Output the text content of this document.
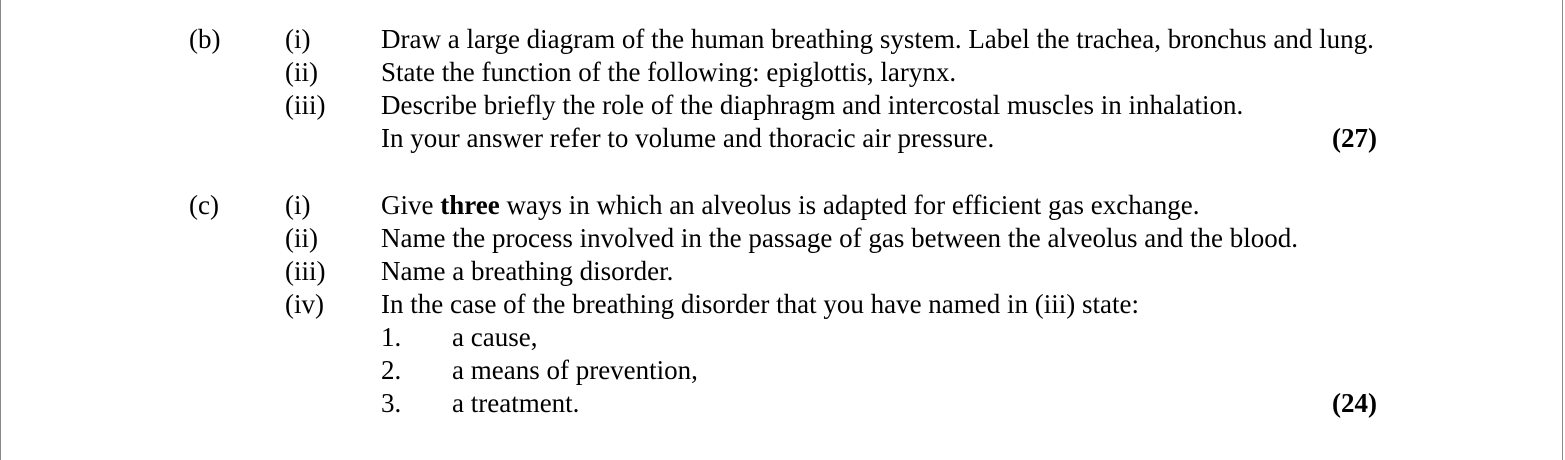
(b) (i)	Draw a large diagram of the human breathing system. Label the trachea, bronchus and lung.
(ii) State the function of the following: epiglottis, larynx.
(iii) Describe briefly the role of the diaphragm and intercostal muscles in inhalation.
In your answer refer to volume and thoracic air pressure.	(27)
(c) (i)	Give three ways in which an alveolus is adapted for efficient gas exchange.
(ii) Name the process involved in the passage of gas between the alveolus and the blood.
(iii) Name a breathing disorder.
(iv) In the case of the breathing disorder that you have named in (iii) state:
1. a cause,
2. a means of prevention,
3. a treatment.	(24)
